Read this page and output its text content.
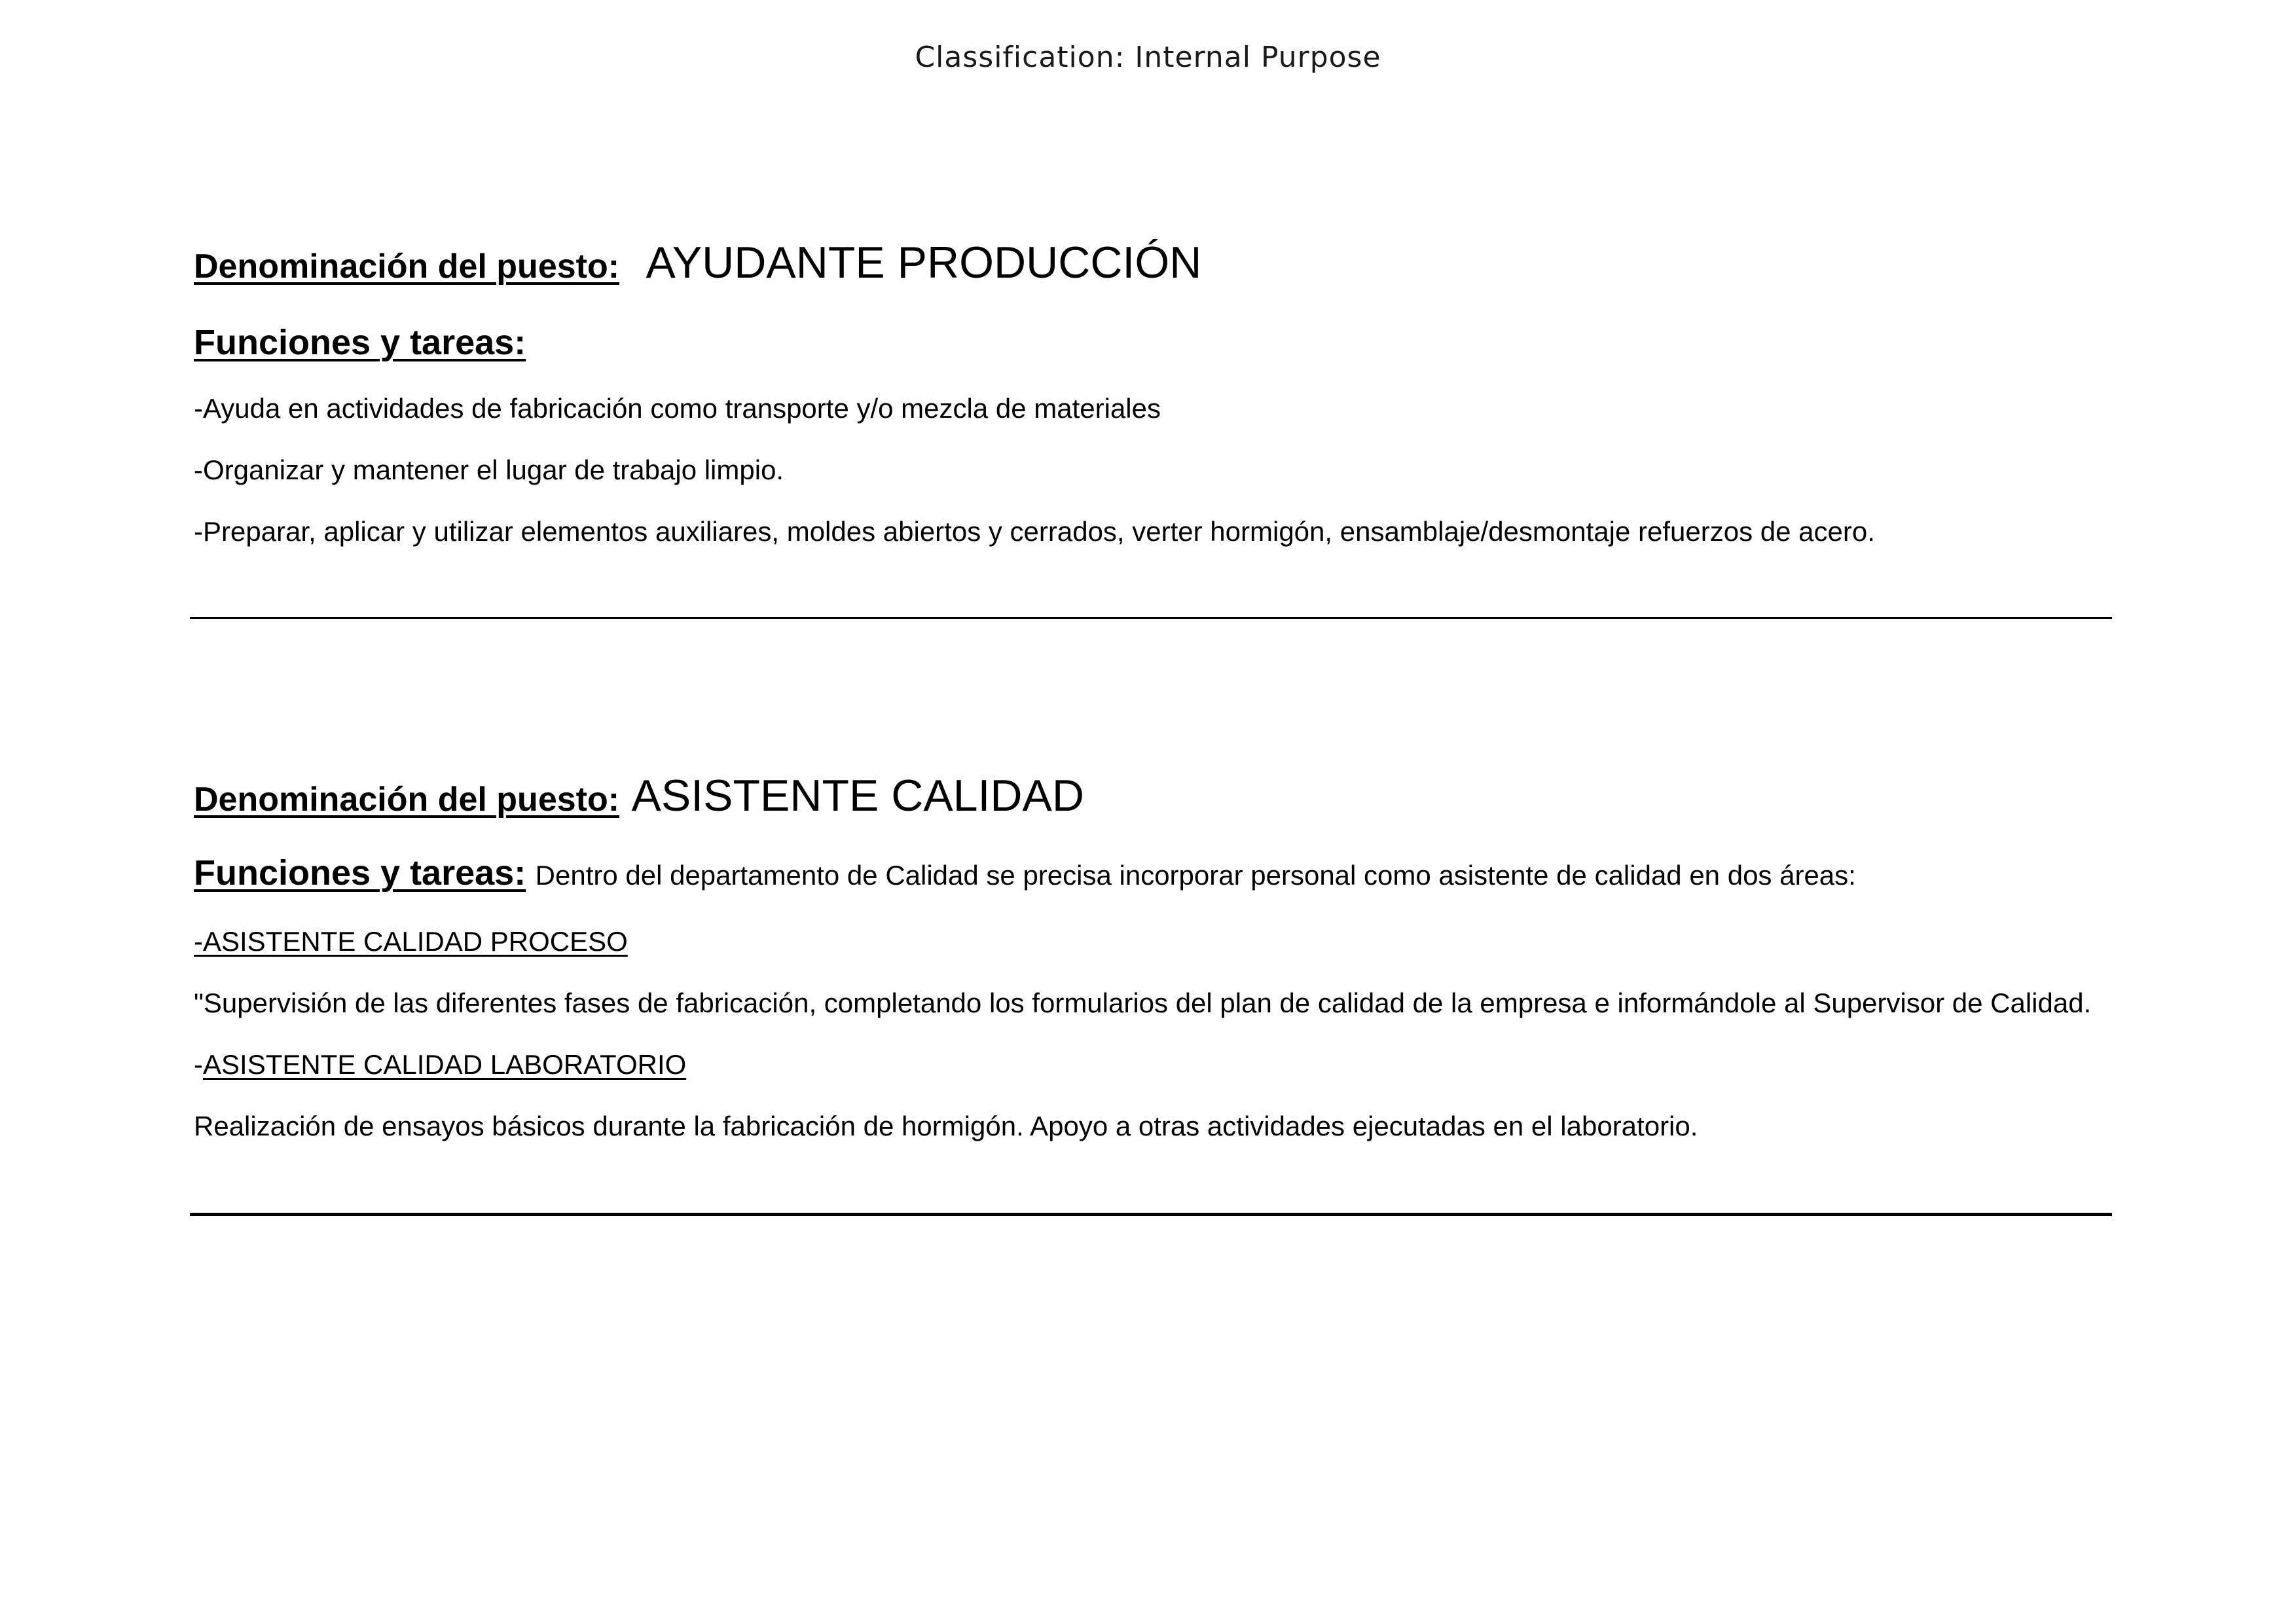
Classification: Internal Purpose
Denominación del puesto: AYUDANTE PRODUCCIÓN
Funciones y tareas:
-Ayuda en actividades de fabricación como transporte y/o mezcla de materiales
-Organizar y mantener el lugar de trabajo limpio.
-Preparar, aplicar y utilizar elementos auxiliares, moldes abiertos y cerrados, verter hormigón, ensamblaje/desmontaje refuerzos de acero.
Denominación del puesto: ASISTENTE CALIDAD
Funciones y tareas: Dentro del departamento de Calidad se precisa incorporar personal como asistente de calidad en dos áreas:
-ASISTENTE CALIDAD PROCESO
"Supervisión de las diferentes fases de fabricación, completando los formularios del plan de calidad de la empresa e informándole al Supervisor de Calidad.
-ASISTENTE CALIDAD LABORATORIO
Realización de ensayos básicos durante la fabricación de hormigón. Apoyo a otras actividades ejecutadas en el laboratorio.
